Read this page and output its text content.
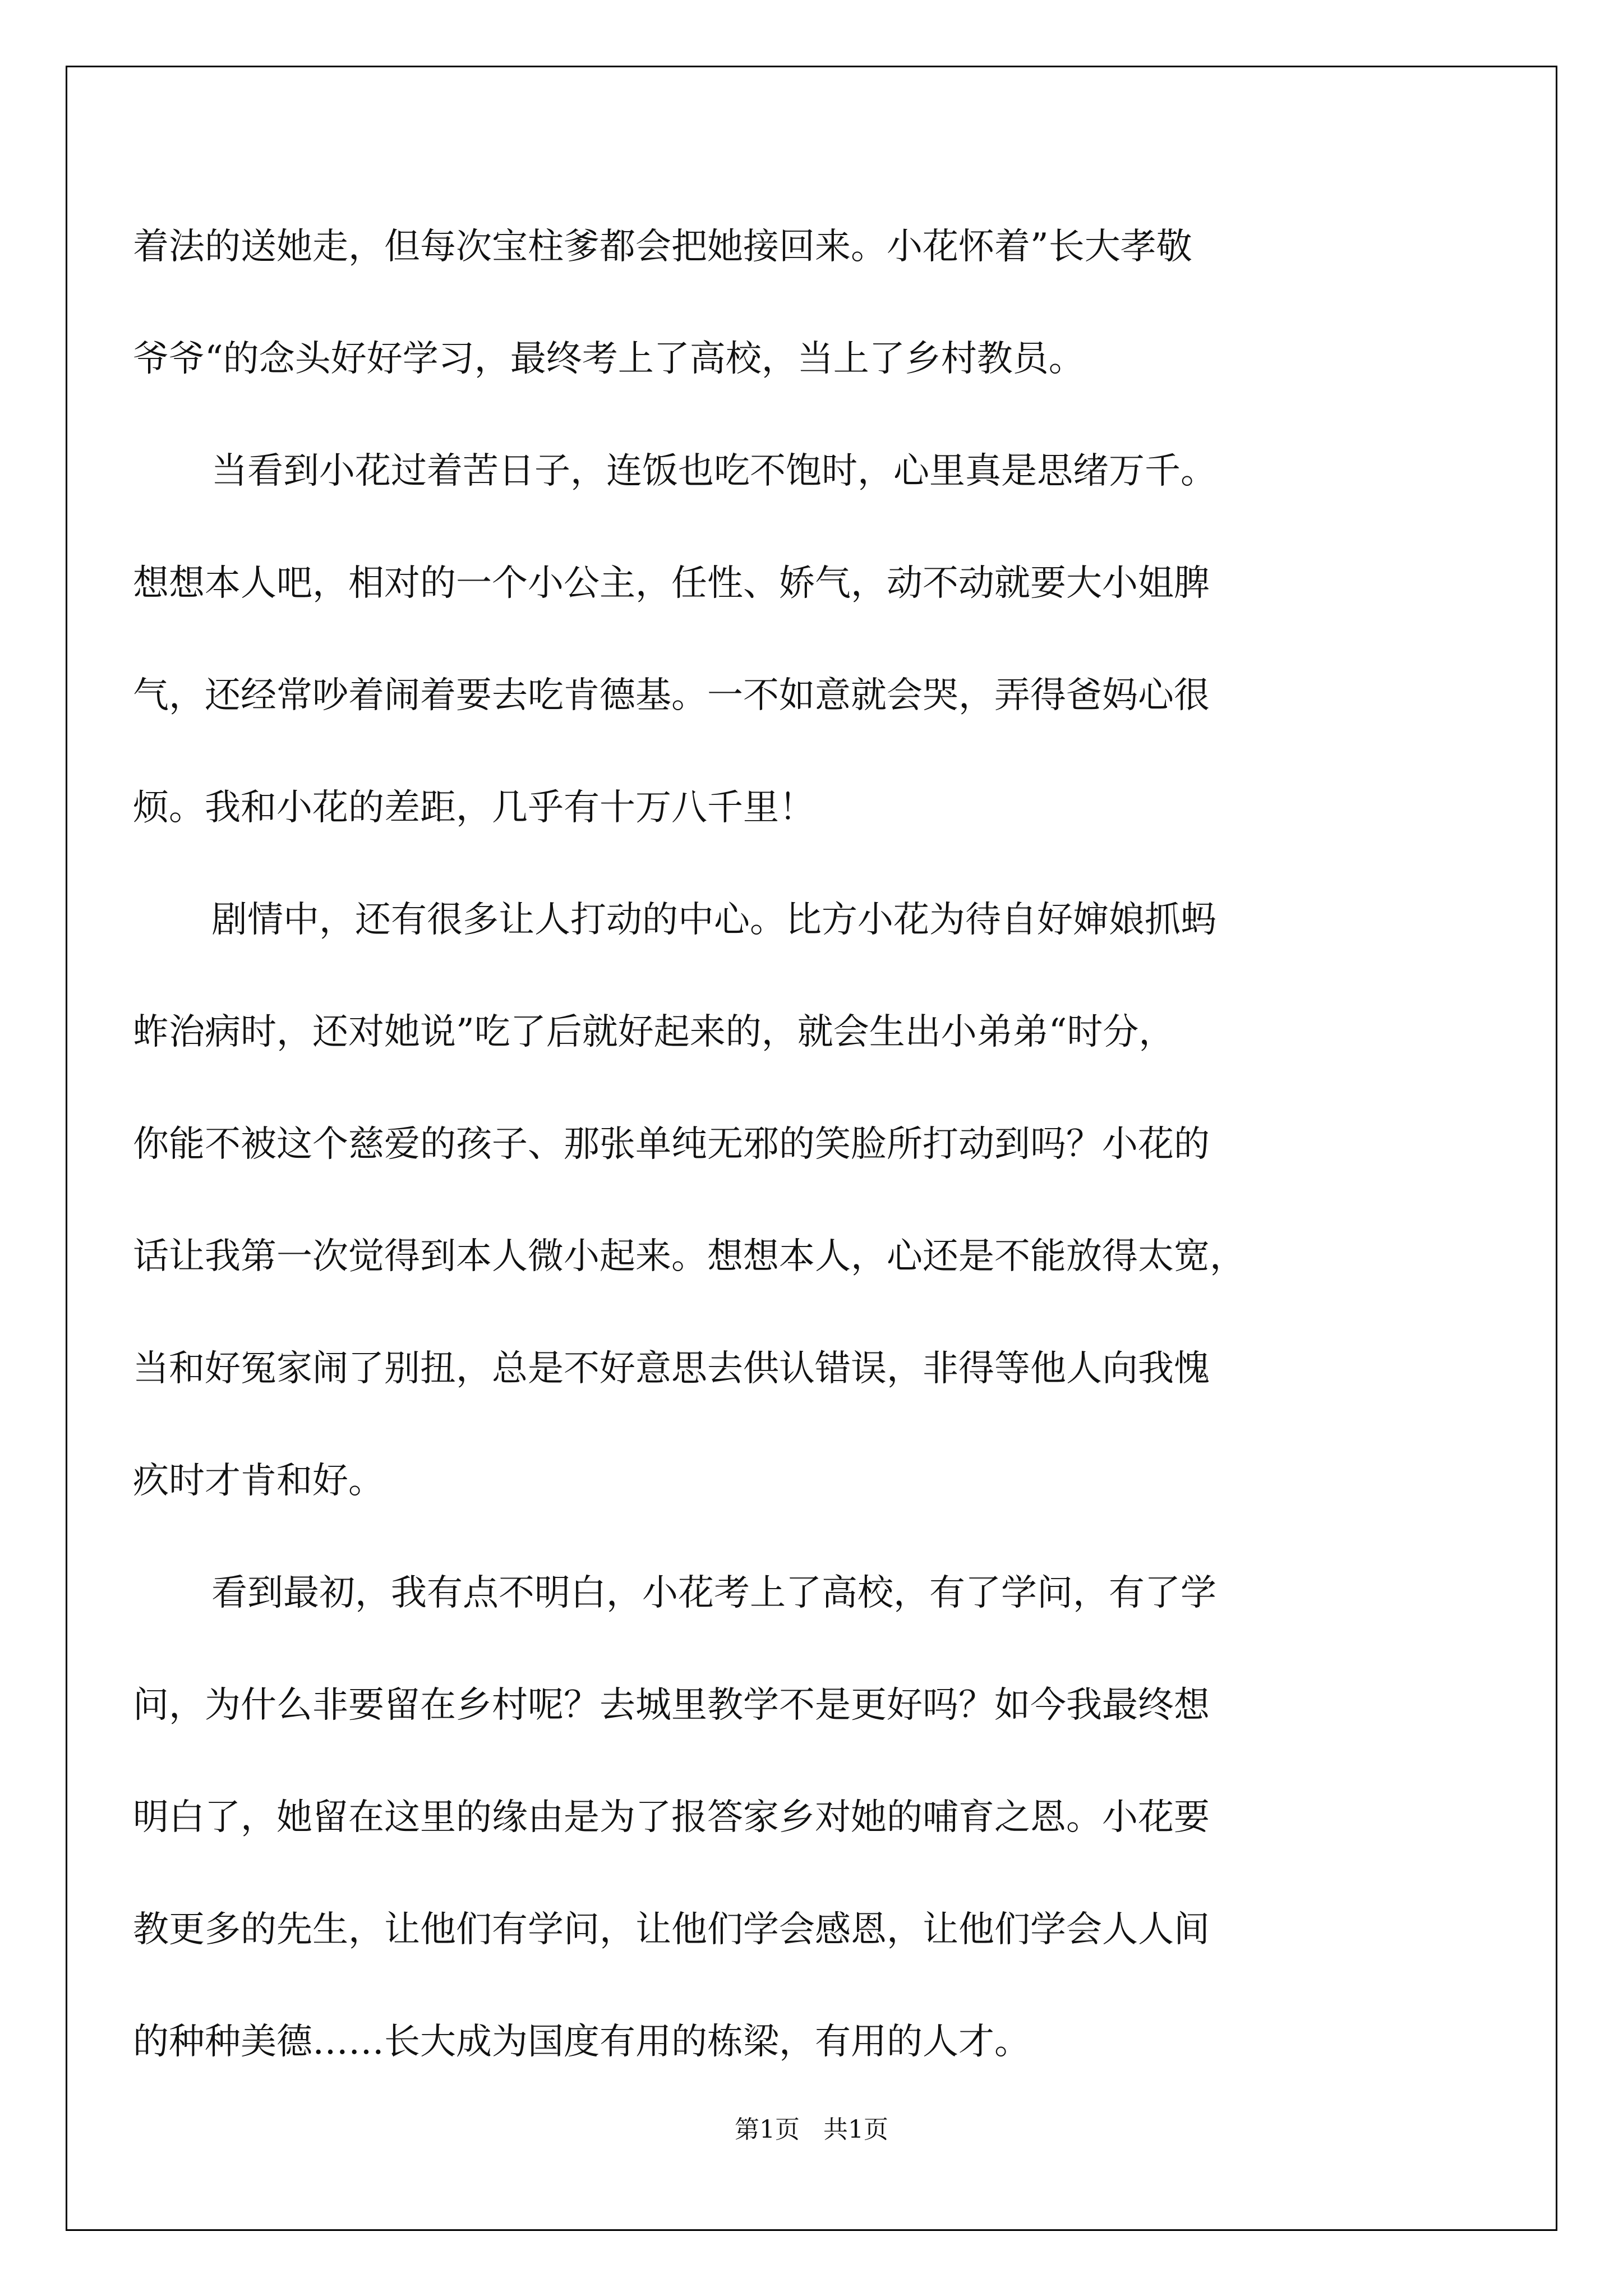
着法的送她走，但每次宝柱爹都会把她接回来。小花怀着”长大孝敬
爷爷“的念头好好学习，最终考上了高校，当上了乡村教员。
当看到小花过着苦日子，连饭也吃不饱时，心里真是思绪万千。
想想本人吧，相对的一个小公主，任性、娇气，动不动就要大小姐脾
气，还经常吵着闹着要去吃肯德基。一不如意就会哭，弄得爸妈心很
烦。我和小花的差距，几乎有十万八千里！
剧情中，还有很多让人打动的中心。比方小花为待自好婶娘抓蚂
蚱治病时，还对她说”吃了后就好起来的，就会生出小弟弟“时分，
你能不被这个慈爱的孩子、那张单纯无邪的笑脸所打动到吗？小花的
话让我第一次觉得到本人微小起来。想想本人，心还是不能放得太宽，
当和好冤家闹了别扭，总是不好意思去供认错误，非得等他人向我愧
疚时才肯和好。
看到最初，我有点不明白，小花考上了高校，有了学问，有了学
问，为什么非要留在乡村呢？去城里教学不是更好吗？如今我最终想
明白了，她留在这里的缘由是为了报答家乡对她的哺育之恩。小花要
教更多的先生，让他们有学问，让他们学会感恩，让他们学会人人间
的种种美德……长大成为国度有用的栋梁，有用的人才。
第1页   共1页
